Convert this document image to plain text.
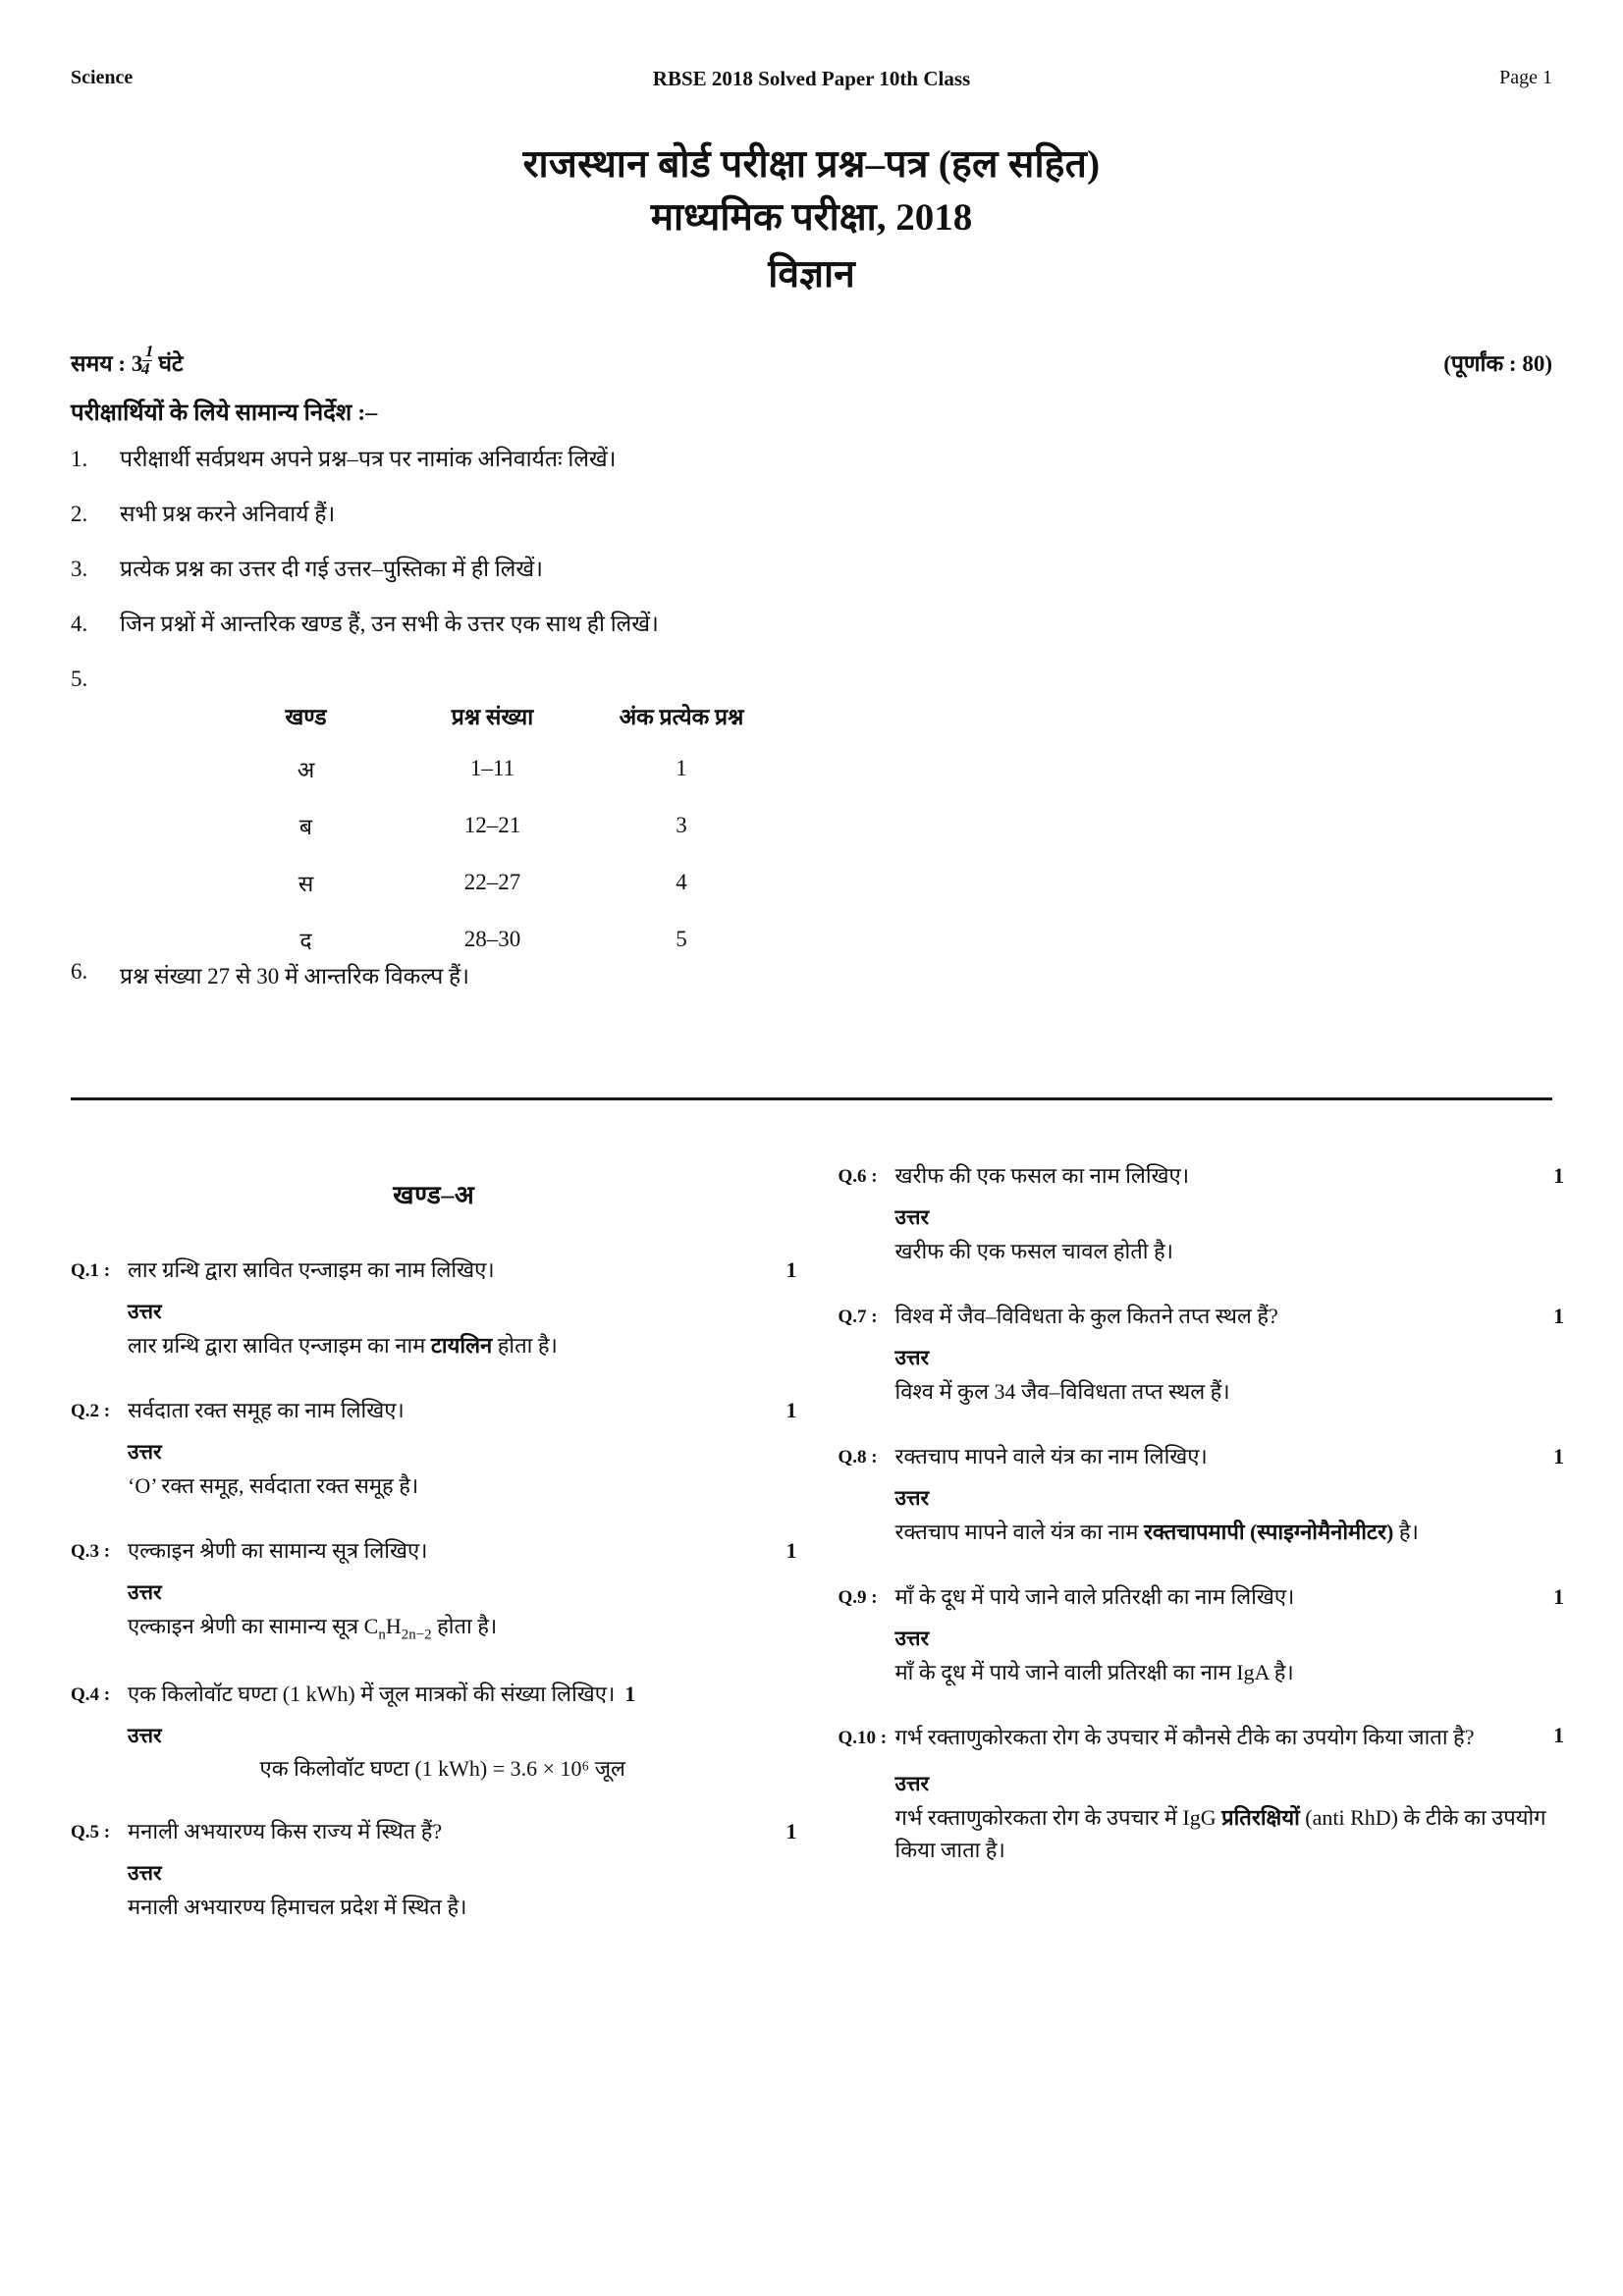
Science	RBSE 2018 Solved Paper 10th Class	Page 1
राजस्थान बोर्ड परीक्षा प्रश्न–पत्र (हल सहित)
माध्यमिक परीक्षा, 2018
विज्ञान
समय : 3
$\frac{1}{4}$ घंटे	(पूर्णांक : 80)
परीक्षार्थियों के लिये सामान्य निर्देश :–
1.	परीक्षार्थी सर्वप्रथम अपने प्रश्न–पत्र पर नामांक अनिवार्यतः लिखें।
2.	सभी प्रश्न करने अनिवार्य हैं।
3.	प्रत्येक प्रश्न का उत्तर दी गई उत्तर–पुस्तिका में ही लिखें।
4.	जिन प्रश्नों में आन्तरिक खण्ड हैं, उन सभी के उत्तर एक साथ ही लिखें।
5.
खण्ड	प्रश्न संख्या	अंक प्रत्येक प्रश्न
अ	1–11	1
ब	12–21	3
स	22–27	4
द	28–30	5
6.	प्रश्न संख्या 27 से 30 में आन्तरिक विकल्प हैं।
खण्ड–अ
Q.1 : लार ग्रन्थि द्वारा स्रावित एन्जाइम का नाम लिखिए।	1
उत्तर
लार ग्रन्थि द्वारा स्रावित एन्जाइम का नाम टायलिन होता है।
Q.2 : सर्वदाता रक्त समूह का नाम लिखिए।	1
उत्तर
‘O’ रक्त समूह, सर्वदाता रक्त समूह है।
Q.3 : एल्काइन श्रेणी का सामान्य सूत्र लिखिए।	1
उत्तर
एल्काइन श्रेणी का सामान्य सूत्र $C_nH_{2n-2}$ होता है।
Q.4 : एक किलोवॉट घण्टा (1 kWh) में जूल मात्रकों की संख्या लिखिए। 1
उत्तर
एक किलोवॉट घण्टा (1 kWh) = 3.6 × 10⁶ जूल
Q.5 : मनाली अभयारण्य किस राज्य में स्थित हैं?	1
उत्तर
मनाली अभयारण्य हिमाचल प्रदेश में स्थित है।
Q.6 : खरीफ की एक फसल का नाम लिखिए।	1
उत्तर
खरीफ की एक फसल चावल होती है।
Q.7 : विश्व में जैव–विविधता के कुल कितने तप्त स्थल हैं?	1
उत्तर
विश्व में कुल 34 जैव–विविधता तप्त स्थल हैं।
Q.8 : रक्तचाप मापने वाले यंत्र का नाम लिखिए।	1
उत्तर
रक्तचाप मापने वाले यंत्र का नाम रक्तचापमापी (स्पाइग्नोमैनोमीटर) है।
Q.9 : माँ के दूध में पाये जाने वाले प्रतिरक्षी का नाम लिखिए।	1
उत्तर
माँ के दूध में पाये जाने वाली प्रतिरक्षी का नाम IgA है।
Q.10 : गर्भ रक्ताणुकोरकता रोग के उपचार में कौनसे टीके का उपयोग किया जाता है?	1
उत्तर
गर्भ रक्ताणुकोरकता रोग के उपचार में IgG प्रतिरक्षियों (anti RhD) के टीके का उपयोग किया जाता है।
